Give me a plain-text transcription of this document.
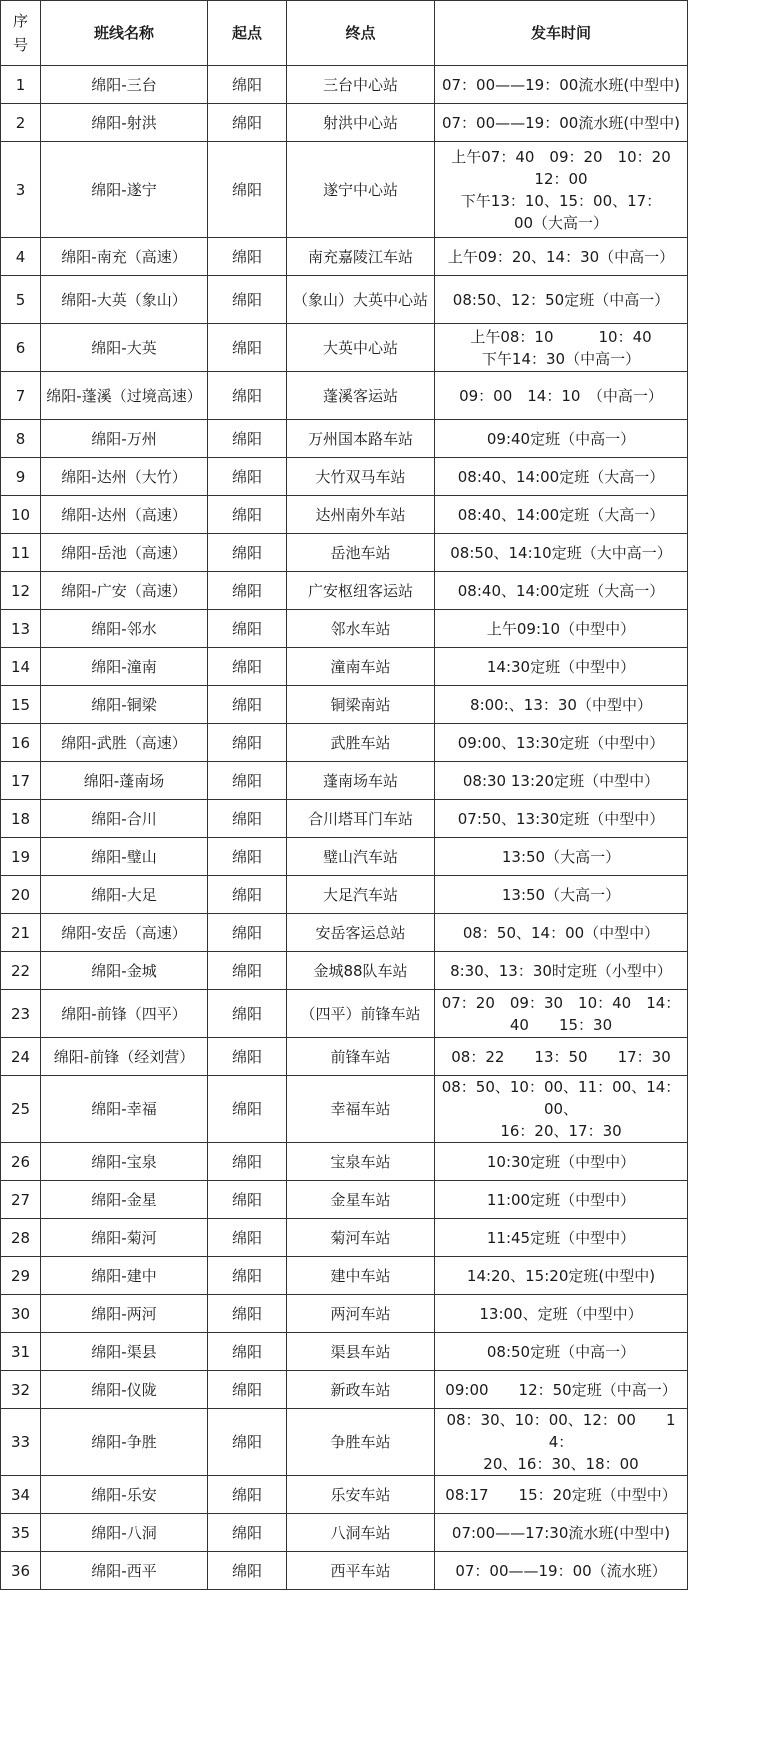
序号	班线名称	起点	终点	发车时间
1	绵阳-三台	绵阳	三台中心站	07：00——19：00流水班(中型中)

2	绵阳-射洪	绵阳	射洪中心站	07：00——19：00流水班(中型中)

3	绵阳-遂宁	绵阳	遂宁中心站	上午07：40　09：20　10：20
12：00
下午13：10、15：00、17：
00（大高一）

4	绵阳-南充（高速）	绵阳	南充嘉陵江车站	上午09：20、14：30（中高一）

5	绵阳-大英（象山）	绵阳	（象山）大英中心站	08:50、12：50定班（中高一）

6	绵阳-大英	绵阳	大英中心站	上午08：10　　　10：40
下午14：30（中高一）

7	绵阳-蓬溪（过境高速）	绵阳	蓬溪客运站	09：00　14：10　（中高一）

8	绵阳-万州	绵阳	万州国本路车站	09:40定班（中高一）

9	绵阳-达州（大竹）	绵阳	大竹双马车站	08:40、14:00定班（大高一）

10	绵阳-达州（高速）	绵阳	达州南外车站	08:40、14:00定班（大高一）

11	绵阳-岳池（高速）	绵阳	岳池车站	08:50、14:10定班（大中高一）

12	绵阳-广安（高速）	绵阳	广安枢纽客运站	08:40、14:00定班（大高一）

13	绵阳-邻水	绵阳	邻水车站	上午09:10（中型中）

14	绵阳-潼南	绵阳	潼南车站	14:30定班（中型中）

15	绵阳-铜梁	绵阳	铜梁南站	8:00:、13：30（中型中）

16	绵阳-武胜（高速）	绵阳	武胜车站	09:00、13:30定班（中型中）

17	绵阳-蓬南场	绵阳	蓬南场车站	08:30 13:20定班（中型中）

18	绵阳-合川	绵阳	合川塔耳门车站	07:50、13:30定班（中型中）

19	绵阳-璧山	绵阳	璧山汽车站	13:50（大高一）

20	绵阳-大足	绵阳	大足汽车站	13:50（大高一）

21	绵阳-安岳（高速）	绵阳	安岳客运总站	08：50、14：00（中型中）

22	绵阳-金城	绵阳	金城88队车站	8:30、13：30时定班（小型中）

23	绵阳-前锋（四平）	绵阳	（四平）前锋车站	07：20　09：30　10：40　14：
40　　15：30

24	绵阳-前锋（经刘营）	绵阳	前锋车站	08：22　　13：50　　17：30

25	绵阳-幸福	绵阳	幸福车站	08：50、10：00、11：00、14：00、
16：20、17：30

26	绵阳-宝泉	绵阳	宝泉车站	10:30定班（中型中）

27	绵阳-金星	绵阳	金星车站	11:00定班（中型中）

28	绵阳-菊河	绵阳	菊河车站	11:45定班（中型中）

29	绵阳-建中	绵阳	建中车站	14:20、15:20定班(中型中)

30	绵阳-两河	绵阳	两河车站	13:00、定班（中型中）

31	绵阳-渠县	绵阳	渠县车站	08:50定班（中高一）

32	绵阳-仪陇	绵阳	新政车站	09:00　　12：50定班（中高一）

33	绵阳-争胜	绵阳	争胜车站	08：30、10：00、12：00　　14：
20、16：30、18：00

34	绵阳-乐安	绵阳	乐安车站	08:17　　15：20定班（中型中）

35	绵阳-八洞	绵阳	八洞车站	07:00——17:30流水班(中型中)

36	绵阳-西平	绵阳	西平车站	07：00——19：00（流水班）
